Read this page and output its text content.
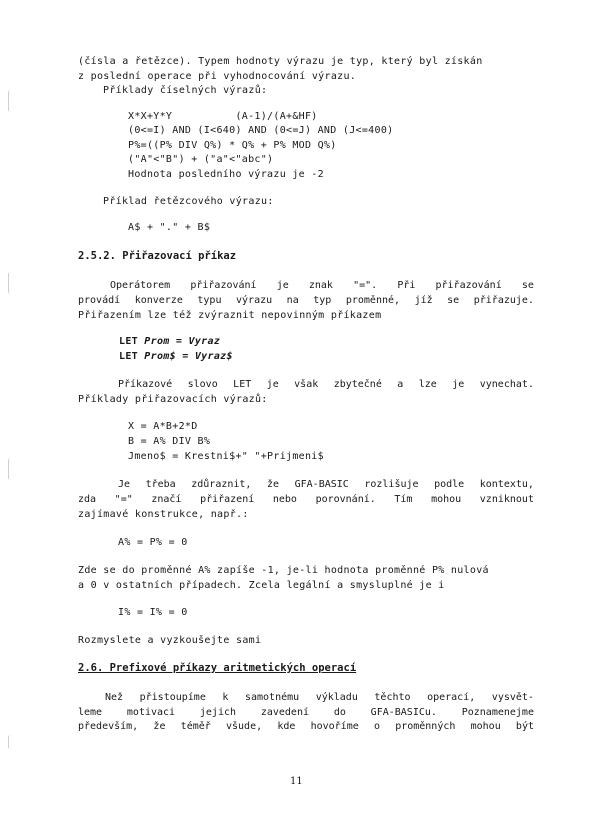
(čísla a řetězce). Typem hodnoty výrazu je typ, který byl získán
z poslední operace při vyhodnocování výrazu.
Příklady číselných výrazů:
X*X+Y*Y          (A-1)/(A+&HF)
(0<=I) AND (I<640) AND (0<=J) AND (J<=400)
P%=((P% DIV Q%) * Q% + P% MOD Q%)
("A"<"B") + ("a"<"abc")
Hodnota posledního výrazu je -2
Příklad řetězcového výrazu:
A$ + "." + B$
2.5.2. Přiřazovací příkaz
Operátorem přiřazování je znak "=". Při přiřazování se
provádí konverze typu výrazu na typ proměnné, jíž se přiřazuje.
Přiřazením lze též zvýraznit nepovinným příkazem
LET Prom = Vyraz
LET Prom$ = Vyraz$
Příkazové slovo LET je však zbytečné a lze je vynechat.
Příklady přiřazovacích výrazů:
X = A*B+2*D
B = A% DIV B%
Jmeno$ = Krestni$+" "+Prijmeni$
Je třeba zdůraznit, že GFA-BASIC rozlišuje podle kontextu,
zda "=" značí přiřazení nebo porovnání. Tím mohou vzniknout
zajímavé konstrukce, např.:
A% = P% = 0
Zde se do proměnné A% zapíše -1, je-li hodnota proměnné P% nulová
a 0 v ostatních případech. Zcela legální a smysluplné je i
I% = I% = 0
Rozmyslete a vyzkoušejte sami
2.6. Prefixové příkazy aritmetických operací
Než přistoupíme k samotnému výkladu těchto operací, vysvět-
leme motivaci jejich zavedení do GFA-BASICu. Poznamenejme
především, že téměř všude, kde hovoříme o proměnných mohou být
11
